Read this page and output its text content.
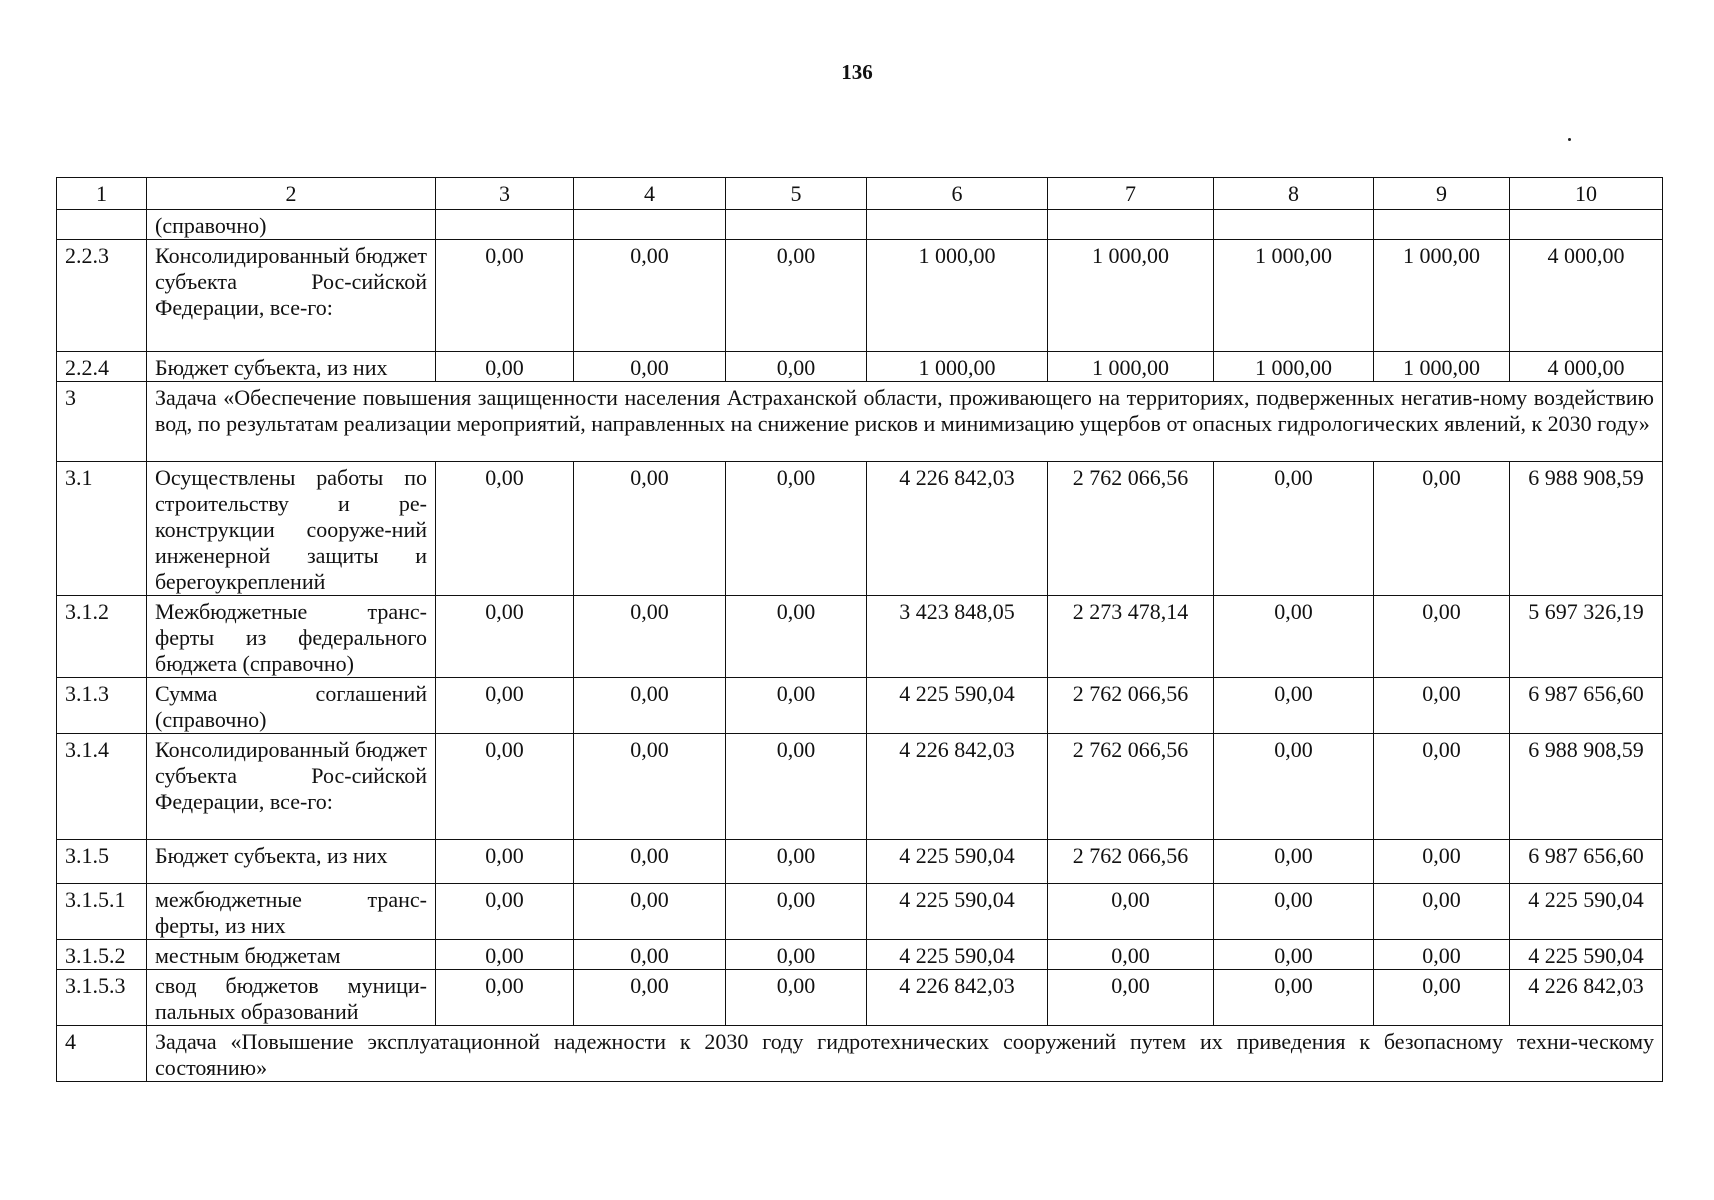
136
1	2	3	4	5	6	7	8	9	10
	(справочно)								
2.2.3	Консолидированный бюджет субъекта Рос-сийской Федерации, все-го:	0,00	0,00	0,00	1 000,00	1 000,00	1 000,00	1 000,00	4 000,00
2.2.4	Бюджет субъекта, из них	0,00	0,00	0,00	1 000,00	1 000,00	1 000,00	1 000,00	4 000,00
3	Задача «Обеспечение повышения защищенности населения Астраханской области, проживающего на территориях, подверженных негатив-ному воздействию вод, по результатам реализации мероприятий, направленных на снижение рисков и минимизацию ущербов от опасных гидрологических явлений, к 2030 году»								
3.1	Осуществлены работы по строительству и ре-конструкции сооруже-ний инженерной защиты и берегоукреплений	0,00	0,00	0,00	4 226 842,03	2 762 066,56	0,00	0,00	6 988 908,59
3.1.2	Межбюджетные транс-ферты из федерального бюджета (справочно)	0,00	0,00	0,00	3 423 848,05	2 273 478,14	0,00	0,00	5 697 326,19
3.1.3	Сумма соглашений (справочно)	0,00	0,00	0,00	4 225 590,04	2 762 066,56	0,00	0,00	6 987 656,60
3.1.4	Консолидированный бюджет субъекта Рос-сийской Федерации, все-го:	0,00	0,00	0,00	4 226 842,03	2 762 066,56	0,00	0,00	6 988 908,59
3.1.5	Бюджет субъекта, из них	0,00	0,00	0,00	4 225 590,04	2 762 066,56	0,00	0,00	6 987 656,60
3.1.5.1	межбюджетные транс-ферты, из них	0,00	0,00	0,00	4 225 590,04	0,00	0,00	0,00	4 225 590,04
3.1.5.2	местным бюджетам	0,00	0,00	0,00	4 225 590,04	0,00	0,00	0,00	4 225 590,04
3.1.5.3	свод бюджетов муници-пальных образований	0,00	0,00	0,00	4 226 842,03	0,00	0,00	0,00	4 226 842,03
4	Задача «Повышение эксплуатационной надежности к 2030 году гидротехнических сооружений путем их приведения к безопасному техни-ческому состоянию»								
